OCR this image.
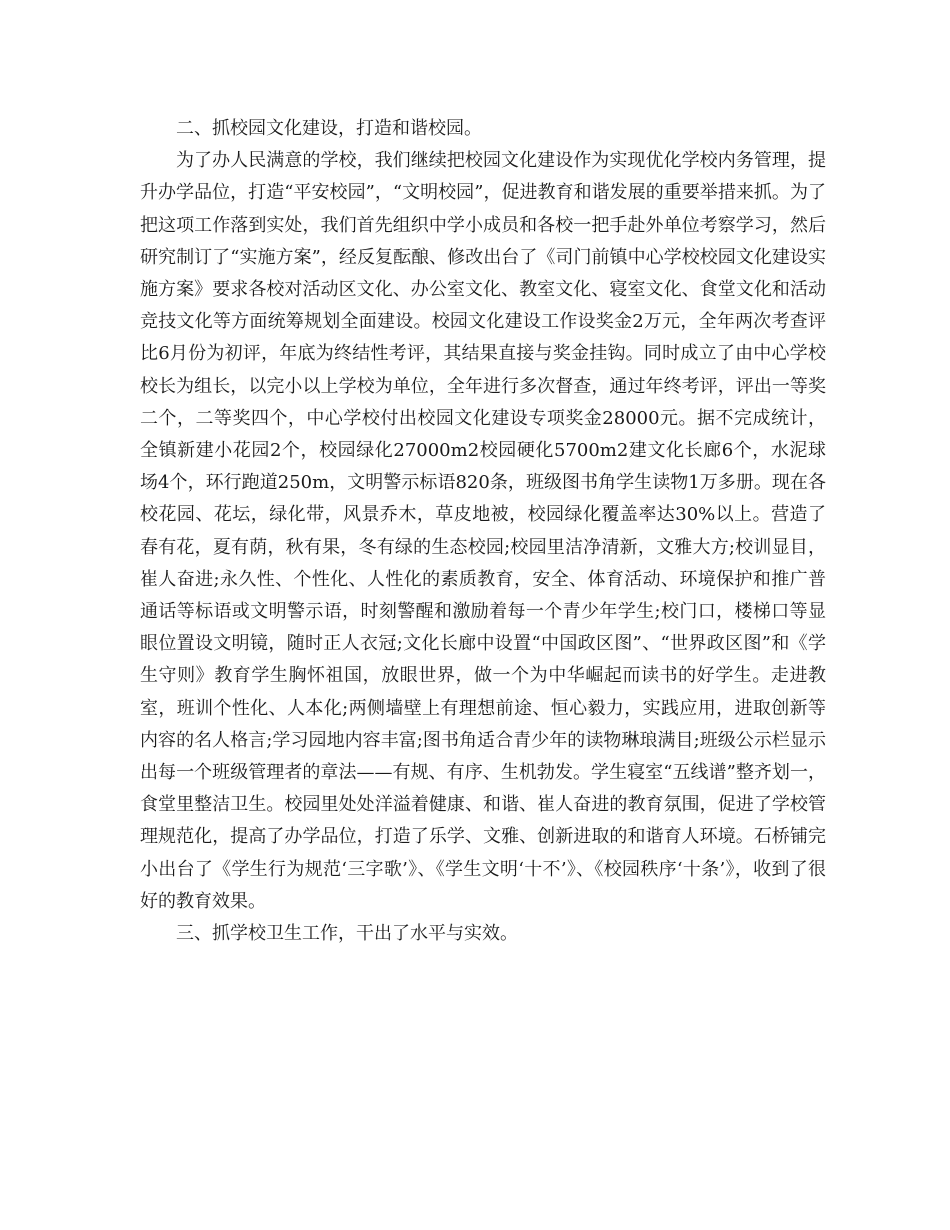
二、抓校园文化建设，打造和谐校园。

为了办人民满意的学校，我们继续把校园文化建设作为实现优化学校内务管理，提升办学品位，打造“平安校园”，“文明校园”，促进教育和谐发展的重要举措来抓。为了把这项工作落到实处，我们首先组织中学小成员和各校一把手赴外单位考察学习，然后研究制订了“实施方案”，经反复酝酿、修改出台了《司门前镇中心学校校园文化建设实施方案》要求各校对活动区文化、办公室文化、教室文化、寝室文化、食堂文化和活动竞技文化等方面统筹规划全面建设。校园文化建设工作设奖金2万元，全年两次考查评比6月份为初评，年底为终结性考评，其结果直接与奖金挂钩。同时成立了由中心学校校长为组长，以完小以上学校为单位，全年进行多次督查，通过年终考评，评出一等奖二个，二等奖四个，中心学校付出校园文化建设专项奖金28000元。据不完成统计，全镇新建小花园2个，校园绿化27000m2校园硬化5700m2建文化长廊6个，水泥球场4个，环行跑道250m，文明警示标语820条，班级图书角学生读物1万多册。现在各校花园、花坛，绿化带，风景乔木，草皮地被，校园绿化覆盖率达30%以上。营造了春有花，夏有荫，秋有果，冬有绿的生态校园;校园里洁净清新，文雅大方;校训显目，崔人奋进;永久性、个性化、人性化的素质教育，安全、体育活动、环境保护和推广普通话等标语或文明警示语，时刻警醒和激励着每一个青少年学生;校门口，楼梯口等显眼位置设文明镜，随时正人衣冠;文化长廊中设置“中国政区图”、“世界政区图”和《学生守则》教育学生胸怀祖国，放眼世界，做一个为中华崛起而读书的好学生。走进教室，班训个性化、人本化;两侧墙壁上有理想前途、恒心毅力，实践应用，进取创新等内容的名人格言;学习园地内容丰富;图书角适合青少年的读物琳琅满目;班级公示栏显示出每一个班级管理者的章法——有规、有序、生机勃发。学生寝室“五线谱”整齐划一，食堂里整洁卫生。校园里处处洋溢着健康、和谐、崔人奋进的教育氛围，促进了学校管理规范化，提高了办学品位，打造了乐学、文雅、创新进取的和谐育人环境。石桥铺完小出台了《学生行为规范‘三字歌’》、《学生文明‘十不’》、《校园秩序‘十条’》，收到了很好的教育效果。

三、抓学校卫生工作，干出了水平与实效。
